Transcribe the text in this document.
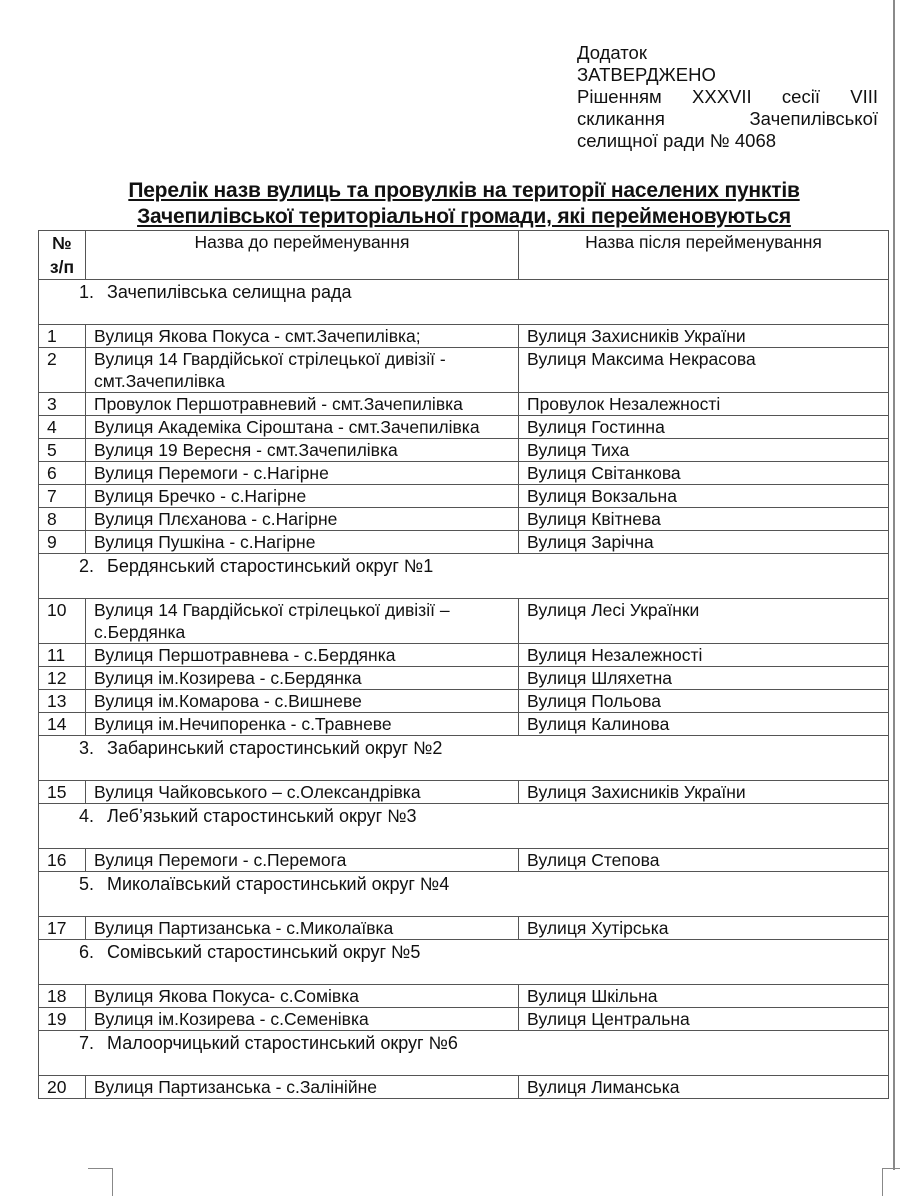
Додаток
ЗАТВЕРДЖЕНО
Рішенням XXXVII сесії VIII
скликання Зачепилівської
селищної ради № 4068
Перелік назв вулиць та провулків на території населених пунктів
Зачепилівської територіальної громади, які перейменовуються
№
з/п	Назва до перейменування	Назва після перейменування
1. Зачепилівська селищна рада		
1	Вулиця Якова Покуса - смт.Зачепилівка;	Вулиця Захисників України
2	Вулиця 14 Гвардійської стрілецької дивізії - смт.Зачепилівка	Вулиця Максима Некрасова
3	Провулок Першотравневий - смт.Зачепилівка	Провулок Незалежності
4	Вулиця Академіка Сіроштана - смт.Зачепилівка	Вулиця Гостинна
5	Вулиця 19 Вересня - смт.Зачепилівка	Вулиця Тиха
6	Вулиця Перемоги - с.Нагірне	Вулиця Світанкова
7	Вулиця Бречко - с.Нагірне	Вулиця Вокзальна
8	Вулиця Плєханова - с.Нагірне	Вулиця Квітнева
9	Вулиця Пушкіна - с.Нагірне	Вулиця Зарічна
2. Бердянський старостинський округ №1		
10	Вулиця 14 Гвардійської стрілецької дивізії – с.Бердянка	Вулиця Лесі Українки
11	Вулиця Першотравнева - с.Бердянка	Вулиця Незалежності
12	Вулиця ім.Козирева - с.Бердянка	Вулиця Шляхетна
13	Вулиця ім.Комарова - с.Вишневе	Вулиця Польова
14	Вулиця ім.Нечипоренка - с.Травневе	Вулиця Калинова
3. Забаринський старостинський округ №2		
15	Вулиця Чайковського – с.Олександрівка	Вулиця Захисників України
4. Леб’язький старостинський округ №3		
16	Вулиця Перемоги - с.Перемога	Вулиця Степова
5. Миколаївський старостинський округ №4		
17	Вулиця Партизанська - с.Миколаївка	Вулиця Хутірська
6. Сомівський старостинський округ №5		
18	Вулиця Якова Покуса- с.Сомівка	Вулиця Шкільна
19	Вулиця ім.Козирева - с.Семенівка	Вулиця Центральна
7. Малоорчицький старостинський округ №6		
20	Вулиця Партизанська - с.Залінійне	Вулиця Лиманська
